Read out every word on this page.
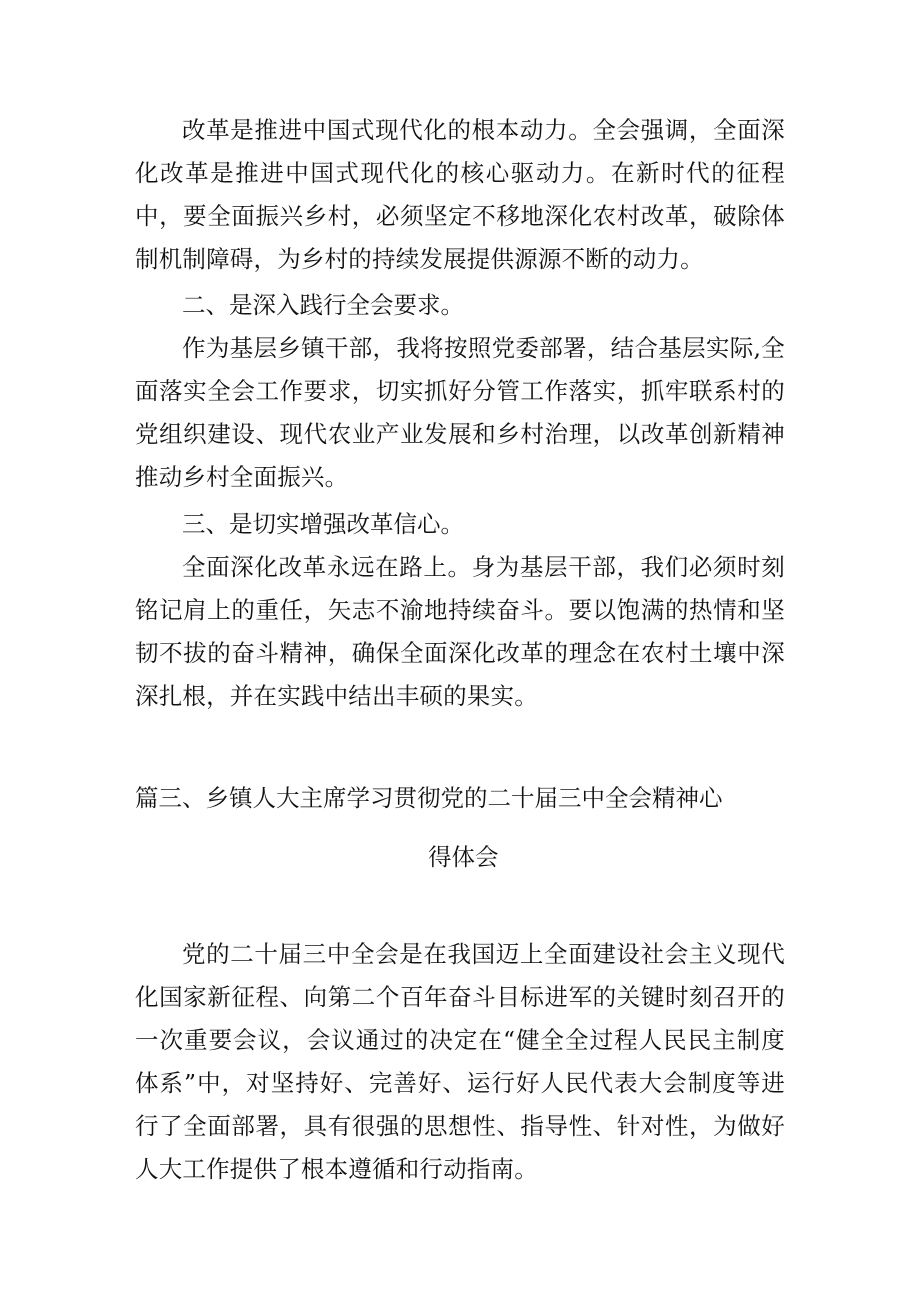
改革是推进中国式现代化的根本动力。全会强调，全面深化改革是推进中国式现代化的核心驱动力。在新时代的征程中，要全面振兴乡村，必须坚定不移地深化农村改革，破除体制机制障碍，为乡村的持续发展提供源源不断的动力。

二、是深入践行全会要求。

作为基层乡镇干部，我将按照党委部署，结合基层实际,全面落实全会工作要求，切实抓好分管工作落实，抓牢联系村的党组织建设、现代农业产业发展和乡村治理，以改革创新精神推动乡村全面振兴。

三、是切实增强改革信心。

全面深化改革永远在路上。身为基层干部，我们必须时刻铭记肩上的重任，矢志不渝地持续奋斗。要以饱满的热情和坚韧不拔的奋斗精神，确保全面深化改革的理念在农村土壤中深深扎根，并在实践中结出丰硕的果实。

篇三、乡镇人大主席学习贯彻党的二十届三中全会精神心

得体会

党的二十届三中全会是在我国迈上全面建设社会主义现代化国家新征程、向第二个百年奋斗目标进军的关键时刻召开的一次重要会议，会议通过的决定在“健全全过程人民民主制度体系”中，对坚持好、完善好、运行好人民代表大会制度等进行了全面部署，具有很强的思想性、指导性、针对性，为做好人大工作提供了根本遵循和行动指南。
